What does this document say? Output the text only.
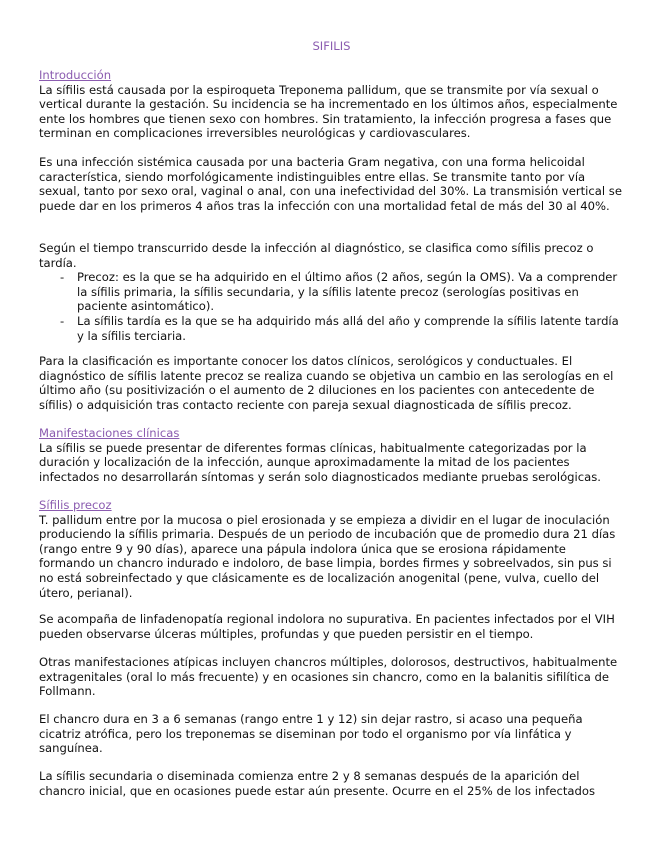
SIFILIS
Introducción

La sífilis está causada por la espiroqueta Treponema pallidum, que se transmite por vía sexual o vertical durante la gestación. Su incidencia se ha incrementado en los últimos años, especialmente ente los hombres que tienen sexo con hombres. Sin tratamiento, la infección progresa a fases que terminan en complicaciones irreversibles neurológicas y cardiovasculares.

Es una infección sistémica causada por una bacteria Gram negativa, con una forma helicoidal característica, siendo morfológicamente indistinguibles entre ellas. Se transmite tanto por vía sexual, tanto por sexo oral, vaginal o anal, con una inefectividad del 30%. La transmisión vertical se puede dar en los primeros 4 años tras la infección con una mortalidad fetal de más del 30 al 40%.

Según el tiempo transcurrido desde la infección al diagnóstico, se clasifica como sífilis precoz o tardía.

- Precoz: es la que se ha adquirido en el último años (2 años, según la OMS). Va a comprender la sífilis primaria, la sífilis secundaria, y la sífilis latente precoz (serologías positivas en paciente asintomático).
- La sífilis tardía es la que se ha adquirido más allá del año y comprende la sífilis latente tardía y la sífilis terciaria.

Para la clasificación es importante conocer los datos clínicos, serológicos y conductuales. El diagnóstico de sífilis latente precoz se realiza cuando se objetiva un cambio en las serologías en el último año (su positivización o el aumento de 2 diluciones en los pacientes con antecedente de sífilis) o adquisición tras contacto reciente con pareja sexual diagnosticada de sífilis precoz.

Manifestaciones clínicas

La sífilis se puede presentar de diferentes formas clínicas, habitualmente categorizadas por la duración y localización de la infección, aunque aproximadamente la mitad de los pacientes infectados no desarrollarán síntomas y serán solo diagnosticados mediante pruebas serológicas.

Sífilis precoz

T. pallidum entre por la mucosa o piel erosionada y se empieza a dividir en el lugar de inoculación produciendo la sífilis primaria. Después de un periodo de incubación que de promedio dura 21 días (rango entre 9 y 90 días), aparece una pápula indolora única que se erosiona rápidamente formando un chancro indurado e indoloro, de base limpia, bordes firmes y sobreelvados, sin pus si no está sobreinfectado y que clásicamente es de localización anogenital (pene, vulva, cuello del útero, perianal).

Se acompaña de linfadenopatía regional indolora no supurativa. En pacientes infectados por el VIH pueden observarse úlceras múltiples, profundas y que pueden persistir en el tiempo.

Otras manifestaciones atípicas incluyen chancros múltiples, dolorosos, destructivos, habitualmente extragenitales (oral lo más frecuente) y en ocasiones sin chancro, como en la balanitis sifilítica de Follmann.

El chancro dura en 3 a 6 semanas (rango entre 1 y 12) sin dejar rastro, si acaso una pequeña cicatriz atrófica, pero los treponemas se diseminan por todo el organismo por vía linfática y sanguínea.

La sífilis secundaria o diseminada comienza entre 2 y 8 semanas después de la aparición del chancro inicial, que en ocasiones puede estar aún presente. Ocurre en el 25% de los infectados
